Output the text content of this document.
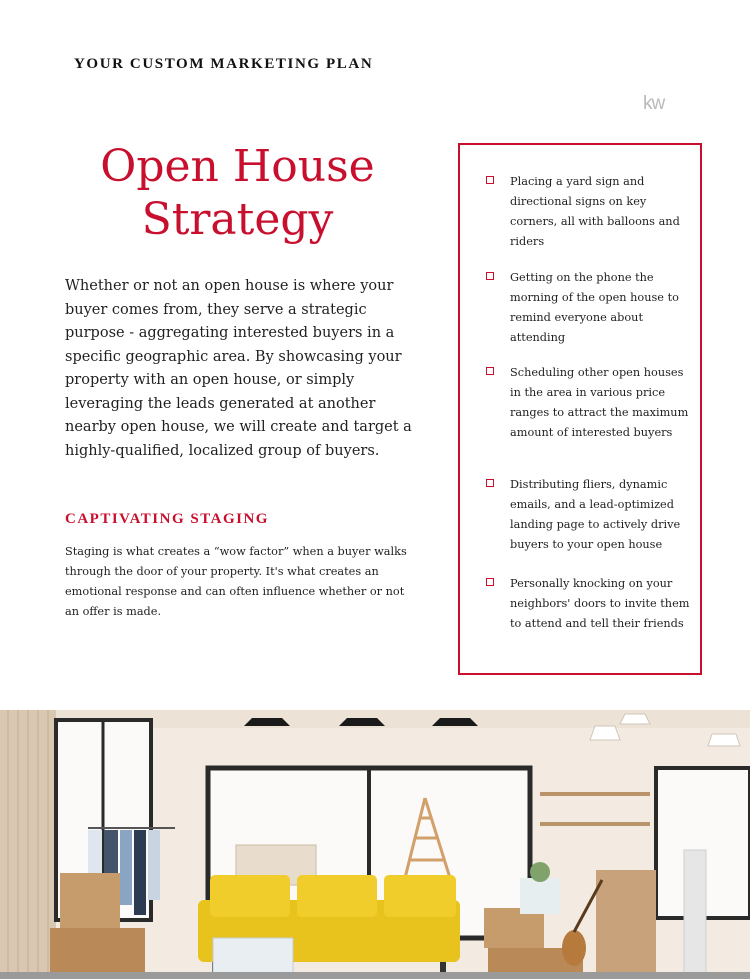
YOUR CUSTOM MARKETING PLAN
kw
Open House
Strategy

Whether or not an open house is where your buyer comes from, they serve a strategic purpose - aggregating interested buyers in a specific geographic area. By showcasing your property with an open house, or simply leveraging the leads generated at another nearby open house, we will create and target a highly-qualified, localized group of buyers.

CAPTIVATING STAGING

Staging is what creates a “wow factor” when a buyer walks through the door of your property. It's what creates an emotional response and can often influence whether or not an offer is made.

Placing a yard sign and directional signs on key corners, all with balloons and riders
Getting on the phone the morning of the open house to remind everyone about attending
Scheduling other open houses in the area in various price ranges to attract the maximum amount of interested buyers
Distributing fliers, dynamic emails, and a lead-optimized landing page to actively drive buyers to your open house
Personally knocking on your neighbors' doors to invite them to attend and tell their friends
